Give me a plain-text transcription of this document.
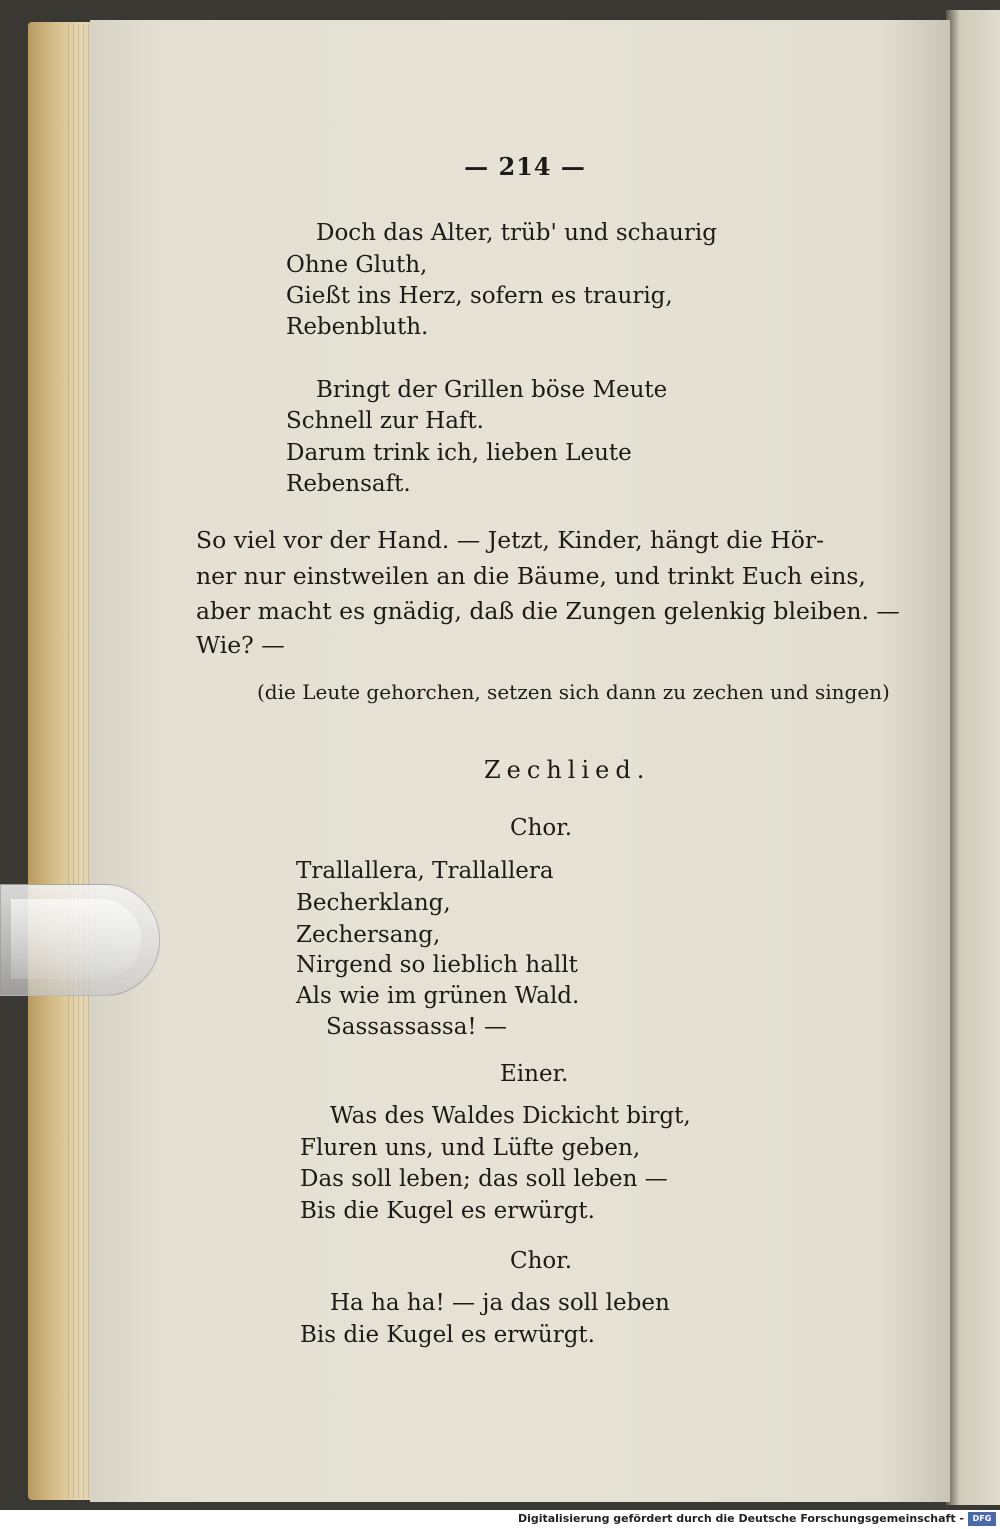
— 214 —
Doch das Alter, trüb' und schaurig
Ohne Gluth,
Gießt ins Herz, sofern es traurig,
Rebenbluth.
Bringt der Grillen böse Meute
Schnell zur Haft.
Darum trink ich, lieben Leute
Rebensaft.
So viel vor der Hand. — Jetzt, Kinder, hängt die Hör-
ner nur einstweilen an die Bäume, und trinkt Euch eins,
aber macht es gnädig, daß die Zungen gelenkig bleiben. —
Wie? —
(die Leute gehorchen, setzen sich dann zu zechen und singen)
Zechlied.
Chor.
Trallallera, Trallallera
Becherklang,
Zechersang,
Nirgend so lieblich hallt
Als wie im grünen Wald.
Sassassassa! —
Einer.
Was des Waldes Dickicht birgt,
Fluren uns, und Lüfte geben,
Das soll leben; das soll leben —
Bis die Kugel es erwürgt.
Chor.
Ha ha ha! — ja das soll leben
Bis die Kugel es erwürgt.
Digitalisierung gefördert durch die Deutsche Forschungsgemeinschaft -	DFG
